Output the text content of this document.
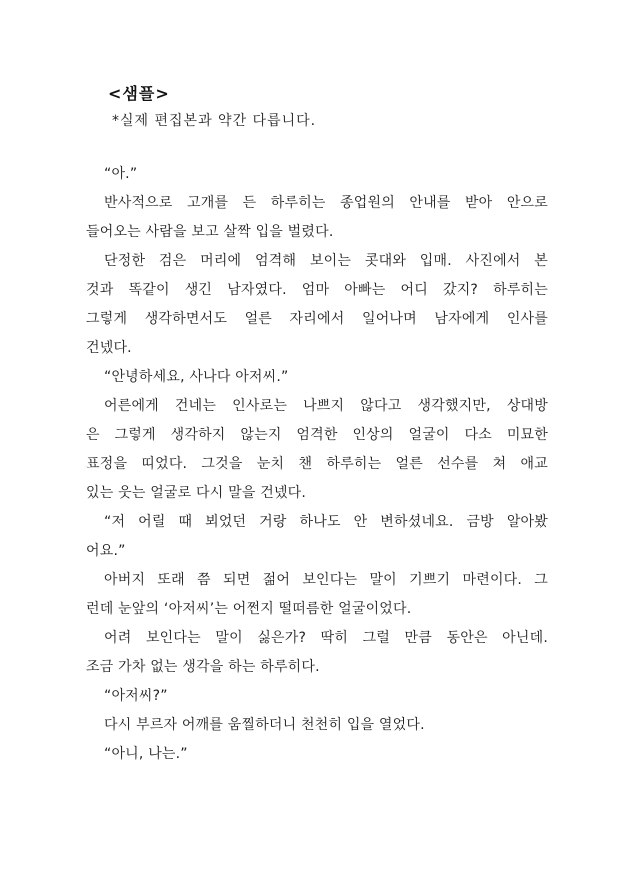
<샘플>
*실제 편집본과 약간 다릅니다.
“아.”
반사적으로 고개를 든 하루히는 종업원의 안내를 받아 안으로
들어오는 사람을 보고 살짝 입을 벌렸다.
단정한 검은 머리에 엄격해 보이는 콧대와 입매. 사진에서 본
것과 똑같이 생긴 남자였다. 엄마 아빠는 어디 갔지? 하루히는
그렇게 생각하면서도 얼른 자리에서 일어나며 남자에게 인사를
건넸다.
“안녕하세요, 사나다 아저씨.”
어른에게 건네는 인사로는 나쁘지 않다고 생각했지만, 상대방
은 그렇게 생각하지 않는지 엄격한 인상의 얼굴이 다소 미묘한
표정을 띠었다. 그것을 눈치 챈 하루히는 얼른 선수를 쳐 애교
있는 웃는 얼굴로 다시 말을 건넸다.
“저 어릴 때 뵈었던 거랑 하나도 안 변하셨네요. 금방 알아봤
어요.”
아버지 또래 쯤 되면 젊어 보인다는 말이 기쁘기 마련이다. 그
런데 눈앞의 ‘아저씨’는 어쩐지 떨떠름한 얼굴이었다.
어려 보인다는 말이 싫은가? 딱히 그럴 만큼 동안은 아닌데.
조금 가차 없는 생각을 하는 하루히다.
“아저씨?”
다시 부르자 어깨를 움찔하더니 천천히 입을 열었다.
“아니, 나는.”
